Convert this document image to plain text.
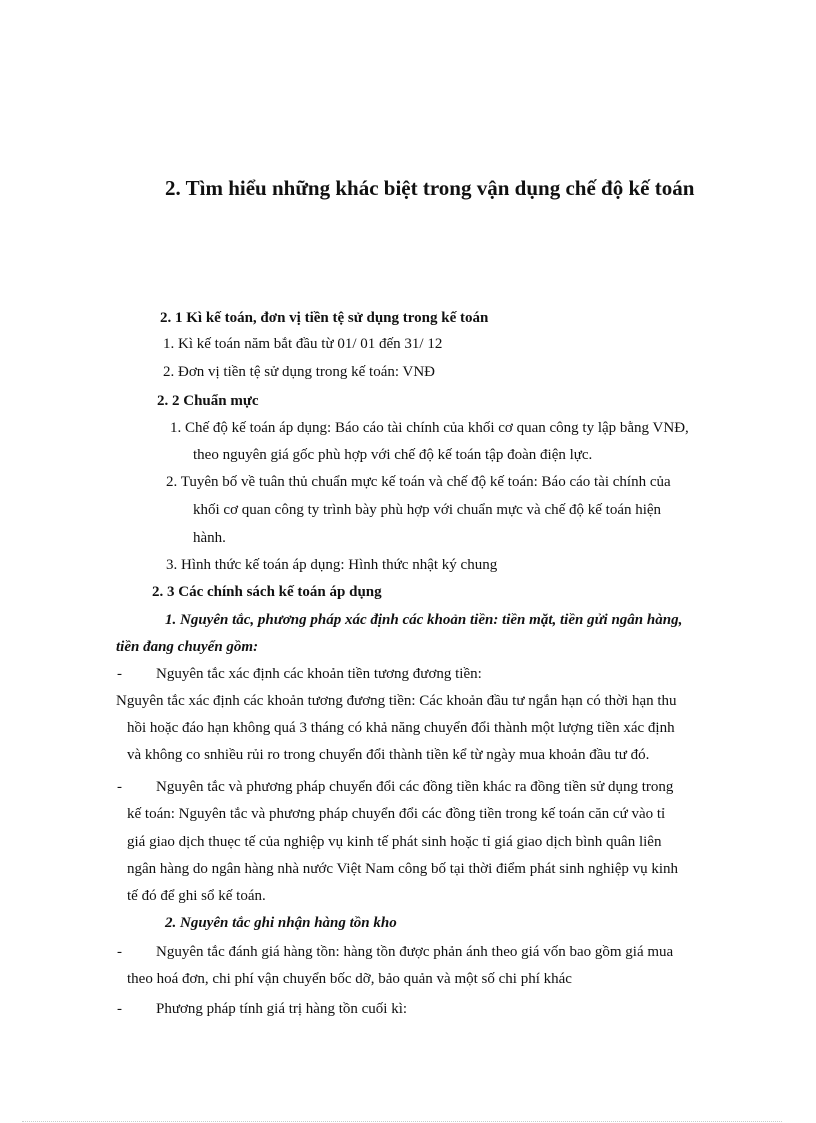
2. Tìm hiểu những khác biệt trong vận dụng chế độ kế toán
2. 1 Kì kế toán, đơn vị tiền tệ sử dụng trong kế toán
1. Kì kế toán năm bắt đầu từ 01/ 01 đến 31/ 12
2. Đơn vị tiền tệ sử dụng trong kế toán: VNĐ
2. 2 Chuẩn mực
1. Chế độ kế toán áp dụng: Báo cáo tài chính của khối cơ quan công ty lập bằng VNĐ,
theo nguyên giá gốc phù hợp với chế độ kế toán tập đoàn điện lực.
2. Tuyên bố về tuân thủ chuẩn mực kế toán và chế độ kế toán: Báo cáo tài chính của
khối cơ quan công ty trình bày phù hợp với chuẩn mực và chế độ kế toán hiện
hành.
3. Hình thức kế toán áp dụng: Hình thức nhật ký chung
2. 3 Các chính sách kế toán áp dụng
1. Nguyên tắc, phương pháp xác định các khoản tiền: tiền mặt, tiền gửi ngân hàng,
tiền đang chuyển gồm:
- Nguyên tắc xác định các khoản tiền tương đương tiền:
Nguyên tắc xác định các khoản tương đương tiền: Các khoản đầu tư ngắn hạn có thời hạn thu
hồi hoặc đáo hạn không quá 3 tháng có khả năng chuyển đổi thành một lượng tiền xác định
và không co snhiều rủi ro trong chuyển đổi thành tiền kể từ ngày mua khoản đầu tư đó.
- Nguyên tắc và phương pháp chuyển đổi các đồng tiền khác ra đồng tiền sử dụng trong
kế toán: Nguyên tắc và phương pháp chuyển đổi các đồng tiền trong kế toán căn cứ vào tỉ
giá giao dịch thuẹc tế của nghiệp vụ kinh tế phát sinh hoặc tỉ giá giao dịch bình quân liên
ngân hàng do ngân hàng nhà nước Việt Nam công bố tại thời điểm phát sinh nghiệp vụ kinh
tế đó để ghi sổ kế toán.
2. Nguyên tắc ghi nhận hàng tồn kho
- Nguyên tắc đánh giá hàng tồn: hàng tồn được phản ánh theo giá vốn bao gồm giá mua
theo hoá đơn, chi phí vận chuyển bốc dỡ, bảo quản và một số chi phí khác
- Phương pháp tính giá trị hàng tồn cuối kì:
